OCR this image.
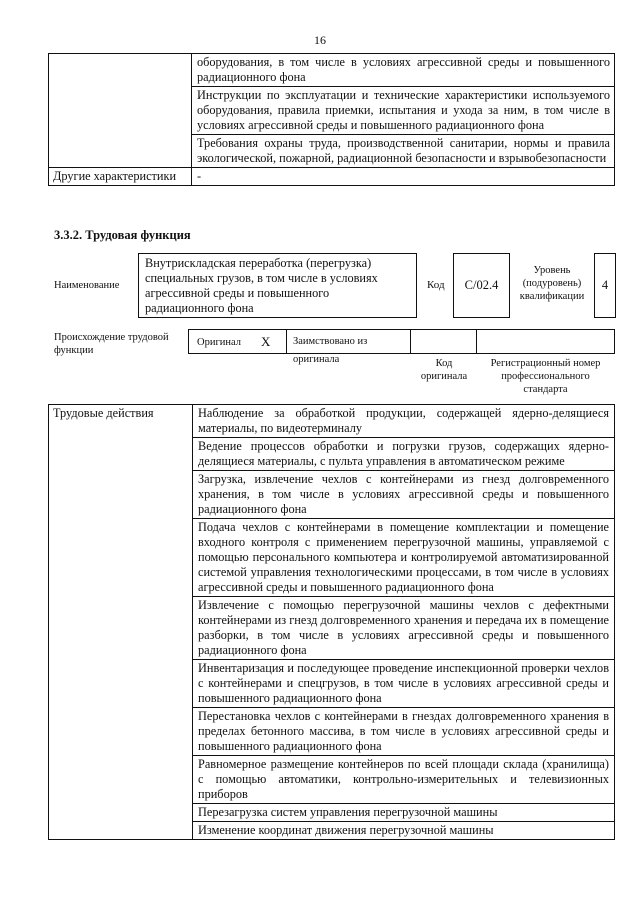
16
	оборудования, в том числе в условиях агрессивной среды и повышенного радиационного фона
	Инструкции по эксплуатации и технические характеристики используемого оборудования, правила приемки, испытания и ухода за ним, в том числе в условиях агрессивной среды и повышенного радиационного фона
	Требования охраны труда, производственной санитарии, нормы и правила экологической, пожарной, радиационной безопасности и взрывобезопасности
Другие характеристики	-
3.3.2. Трудовая функция
Наименование
Внутрискладская переработка (перегрузка) специальных грузов, в том числе в условиях агрессивной среды и повышенного радиационного фона
Код C/02.4
Уровень (подуровень) квалификации
4
Происхождение трудовой функции
Оригинал X	Заимствовано из оригинала	Код оригинала
Регистрационный номер профессионального стандарта
Трудовые действия	Наблюдение за обработкой продукции, содержащей ядерно-делящиеся материалы, по видеотерминалу
Ведение процессов обработки и погрузки грузов, содержащих ядерно-делящиеся материалы, с пульта управления в автоматическом режиме
Загрузка, извлечение чехлов с контейнерами из гнезд долговременного хранения, в том числе в условиях агрессивной среды и повышенного радиационного фона
Подача чехлов с контейнерами в помещение комплектации и помещение входного контроля с применением перегрузочной машины, управляемой с помощью персонального компьютера и контролируемой автоматизированной системой управления технологическими процессами, в том числе в условиях агрессивной среды и повышенного радиационного фона
Извлечение с помощью перегрузочной машины чехлов с дефектными контейнерами из гнезд долговременного хранения и передача их в помещение разборки, в том числе в условиях агрессивной среды и повышенного радиационного фона
Инвентаризация и последующее проведение инспекционной проверки чехлов с контейнерами и спецгрузов, в том числе в условиях агрессивной среды и повышенного радиационного фона
Перестановка чехлов с контейнерами в гнездах долговременного хранения в пределах бетонного массива, в том числе в условиях агрессивной среды и повышенного радиационного фона
Равномерное размещение контейнеров по всей площади склада (хранилища) с помощью автоматики, контрольно-измерительных и телевизионных приборов
Перезагрузка систем управления перегрузочной машины
Изменение координат движения перегрузочной машины
